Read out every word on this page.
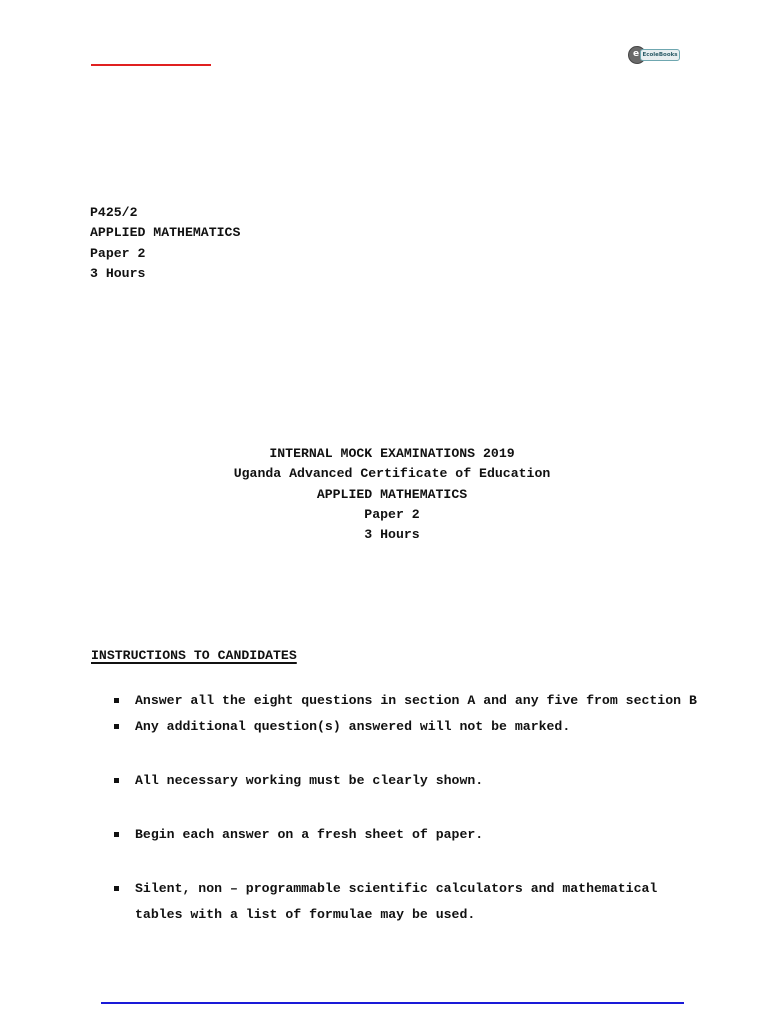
e EcoleBooks
P425/2
APPLIED MATHEMATICS
Paper 2
3 Hours
INTERNAL MOCK EXAMINATIONS 2019
Uganda Advanced Certificate of Education
APPLIED MATHEMATICS
Paper 2
3 Hours
INSTRUCTIONS TO CANDIDATES
Answer all the eight questions in section A and any five from section B
Any additional question(s) answered will not be marked.
All necessary working must be clearly shown.
Begin each answer on a fresh sheet of paper.
Silent, non – programmable scientific calculators and mathematical tables with a list of formulae may be used.
